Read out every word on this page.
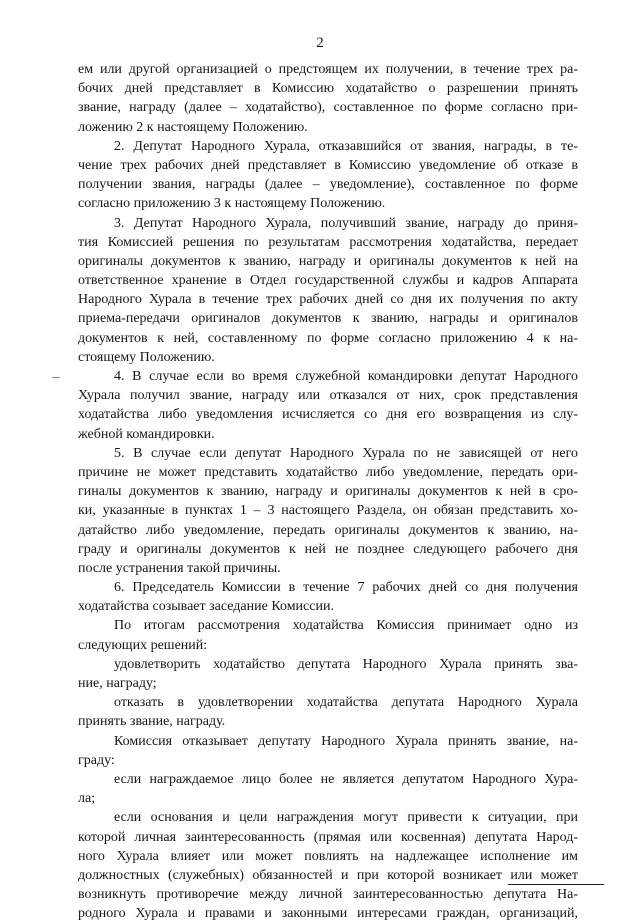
2
ем или другой организацией о предстоящем их получении, в течение трех ра-
бочих дней представляет в Комиссию ходатайство о разрешении принять
звание, награду (далее – ходатайство), составленное по форме согласно при-
ложению 2 к настоящему Положению.
2. Депутат Народного Хурала, отказавшийся от звания, награды, в те-
чение трех рабочих дней представляет в Комиссию уведомление об отказе в
получении звания, награды (далее – уведомление), составленное по форме
согласно приложению 3 к настоящему Положению.
3. Депутат Народного Хурала, получивший звание, награду до приня-
тия Комиссией решения по результатам рассмотрения ходатайства, передает
оригиналы документов к званию, награду и оригиналы документов к ней на
ответственное хранение в Отдел государственной службы и кадров Аппарата
Народного Хурала в течение трех рабочих дней со дня их получения по акту
приема-передачи оригиналов документов к званию, награды и оригиналов
документов к ней, составленному по форме согласно приложению 4 к на-
стоящему Положению.
4. В случае если во время служебной командировки депутат Народного
Хурала получил звание, награду или отказался от них, срок представления
ходатайства либо уведомления исчисляется со дня его возвращения из слу-
жебной командировки.
5. В случае если депутат Народного Хурала по не зависящей от него
причине не может представить ходатайство либо уведомление, передать ори-
гиналы документов к званию, награду и оригиналы документов к ней в сро-
ки, указанные в пунктах 1 – 3 настоящего Раздела, он обязан представить хо-
датайство либо уведомление, передать оригиналы документов к званию, на-
граду и оригиналы документов к ней не позднее следующего рабочего дня
после устранения такой причины.
6. Председатель Комиссии в течение 7 рабочих дней со дня получения
ходатайства созывает заседание Комиссии.
По итогам рассмотрения ходатайства Комиссия принимает одно из
следующих решений:
удовлетворить ходатайство депутата Народного Хурала принять зва-
ние, награду;
отказать в удовлетворении ходатайства депутата Народного Хурала
принять звание, награду.
Комиссия отказывает депутату Народного Хурала принять звание, на-
граду:
если награждаемое лицо более не является депутатом Народного Хура-
ла;
если основания и цели награждения могут привести к ситуации, при
которой личная заинтересованность (прямая или косвенная) депутата Народ-
ного Хурала влияет или может повлиять на надлежащее исполнение им
должностных (служебных) обязанностей и при которой возникает или может
возникнуть противоречие между личной заинтересованностью депутата На-
родного Хурала и правами и законными интересами граждан, организаций,
